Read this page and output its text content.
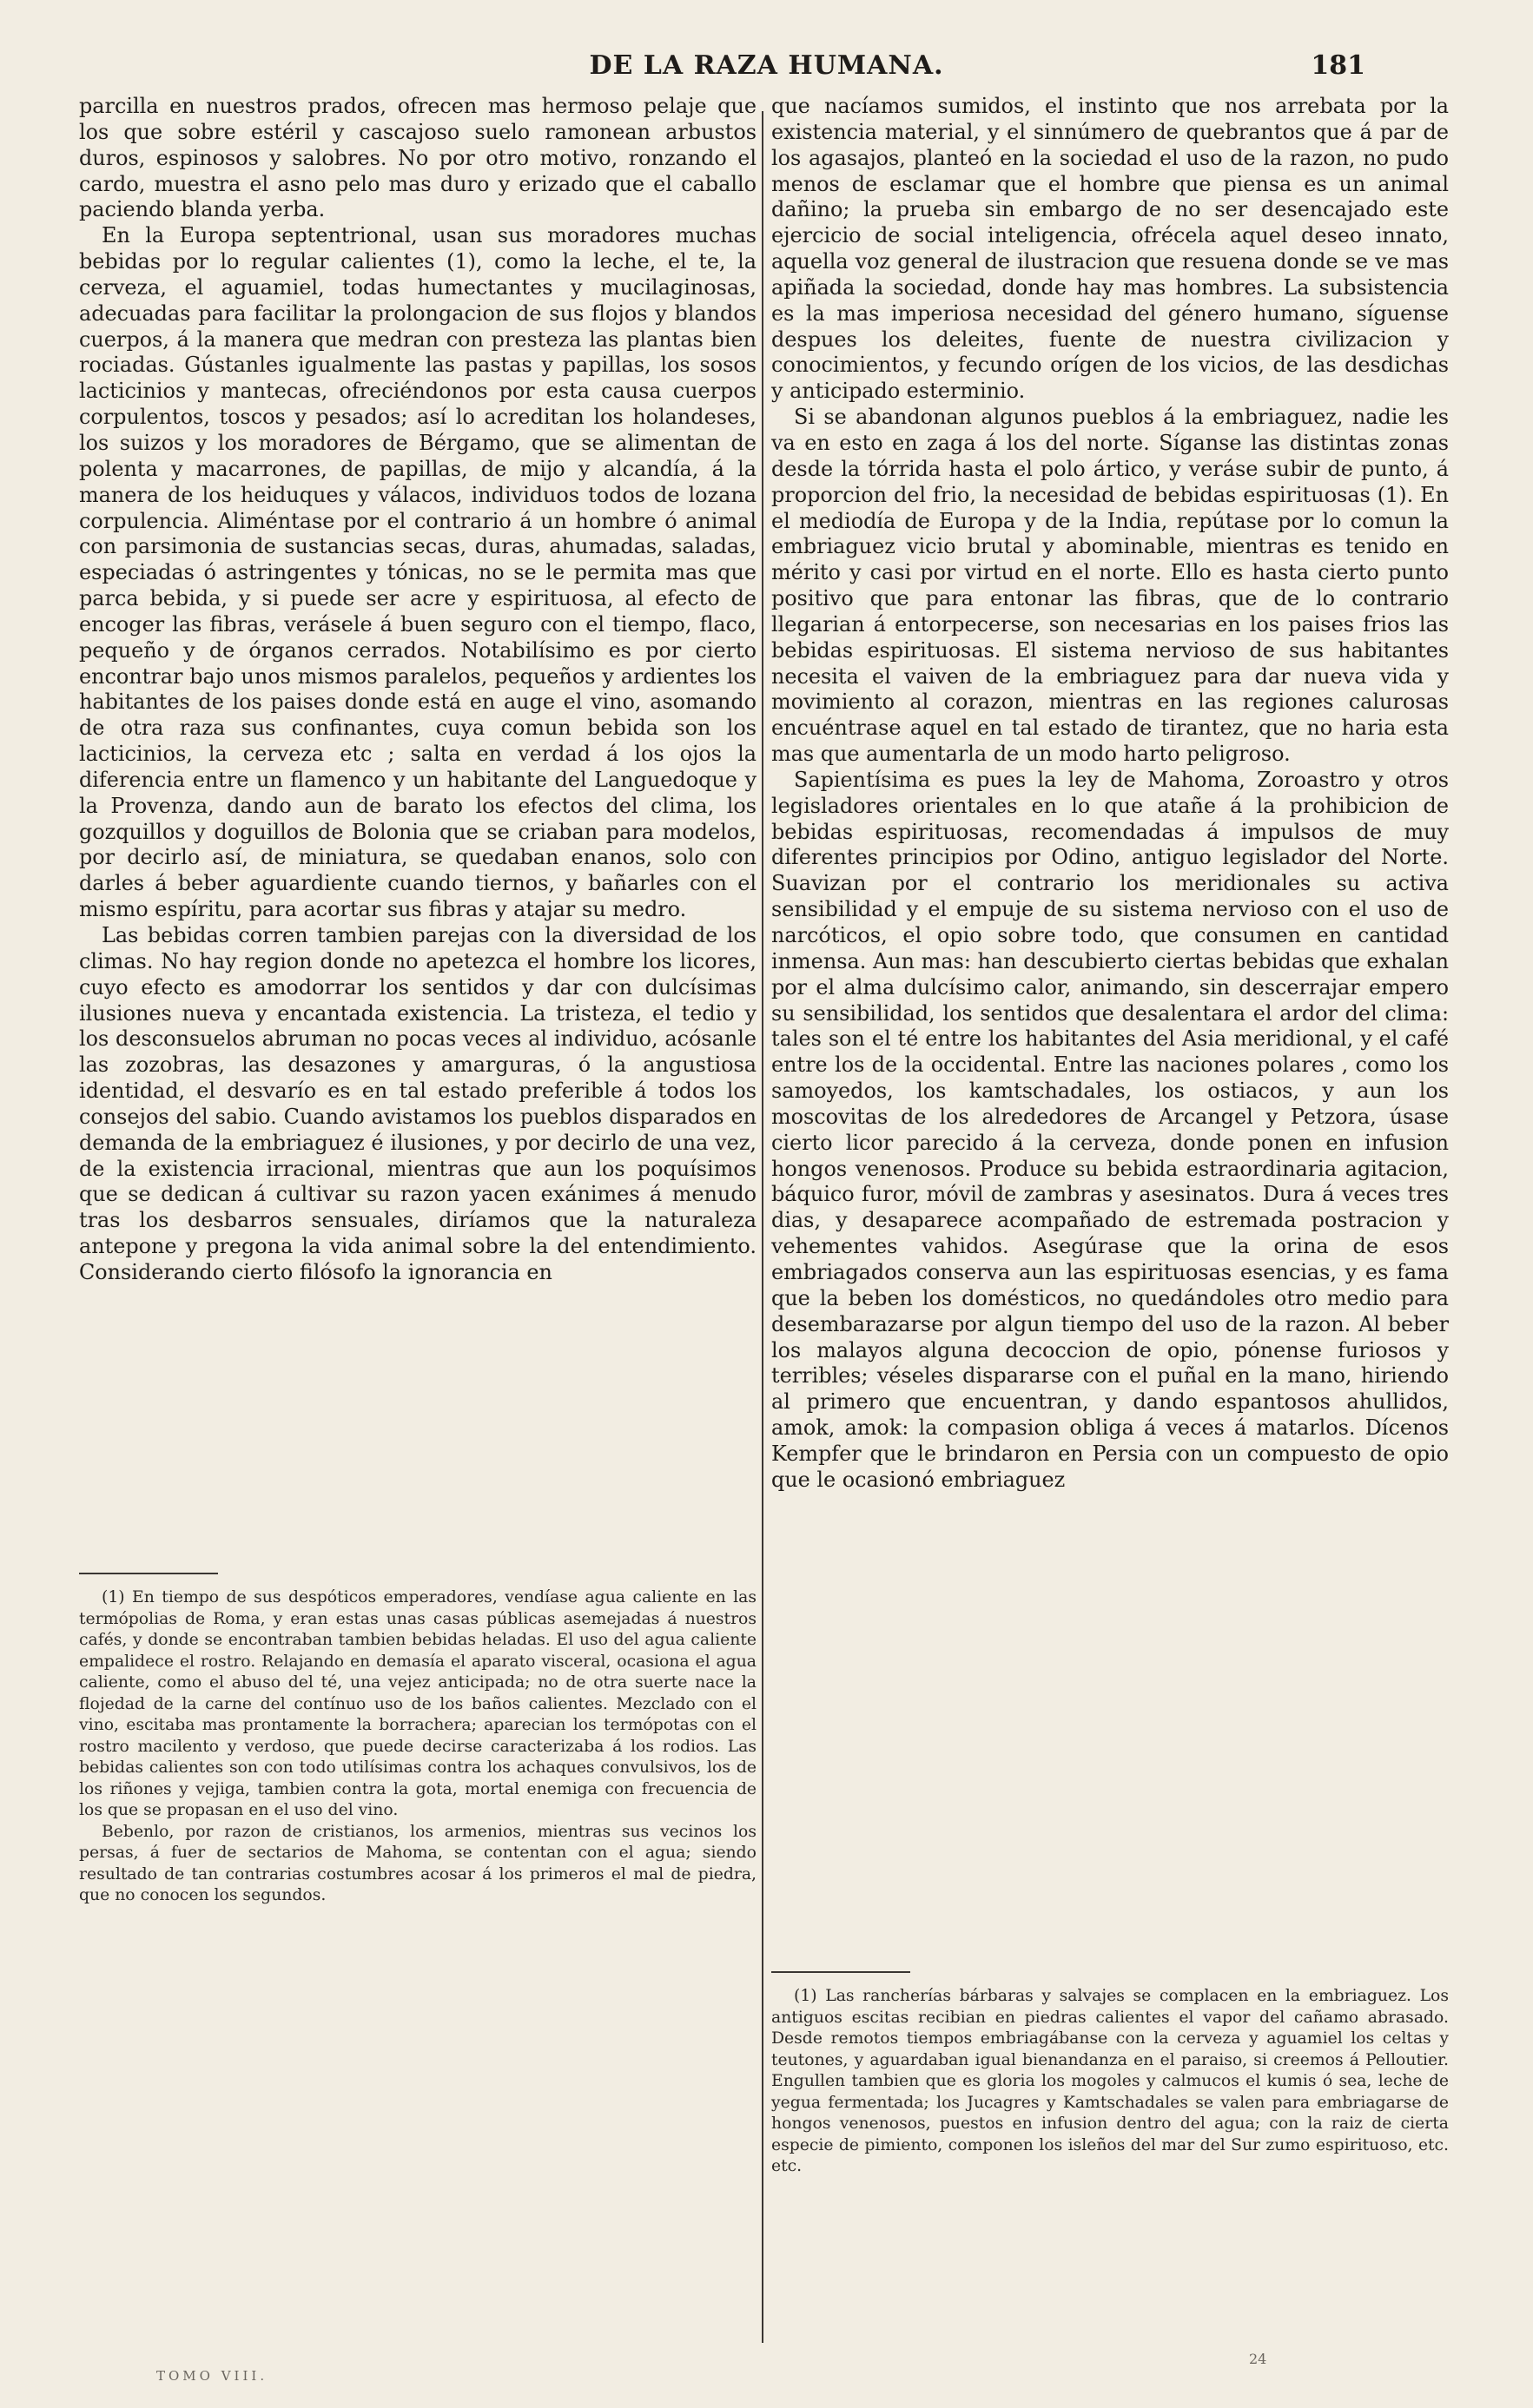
DE LA RAZA HUMANA.	181

parcilla en nuestros prados, ofrecen mas hermoso pelaje que los que sobre estéril y cascajoso suelo ramonean arbustos duros, espinosos y salobres. No por otro motivo, ronzando el cardo, muestra el asno pelo mas duro y erizado que el caballo paciendo blanda yerba.

En la Europa septentrional, usan sus moradores muchas bebidas por lo regular calientes (1), como la leche, el te, la cerveza, el aguamiel, todas humectantes y mucilaginosas, adecuadas para facilitar la prolongacion de sus flojos y blandos cuerpos, á la manera que medran con presteza las plantas bien rociadas. Gústanles igualmente las pastas y papillas, los sosos lacticinios y mantecas, ofreciéndonos por esta causa cuerpos corpulentos, toscos y pesados; así lo acreditan los holandeses, los suizos y los moradores de Bérgamo, que se alimentan de polenta y macarrones, de papillas, de mijo y alcandía, á la manera de los heiduques y válacos, individuos todos de lozana corpulencia. Aliméntase por el contrario á un hombre ó animal con parsimonia de sustancias secas, duras, ahumadas, saladas, especiadas ó astringentes y tónicas, no se le permita mas que parca bebida, y si puede ser acre y espirituosa, al efecto de encoger las fibras, verásele á buen seguro con el tiempo, flaco, pequeño y de órganos cerrados. Notabilísimo es por cierto encontrar bajo unos mismos paralelos, pequeños y ardientes los habitantes de los paises donde está en auge el vino, asomando de otra raza sus confinantes, cuya comun bebida son los lacticinios, la cerveza etc ; salta en verdad á los ojos la diferencia entre un flamenco y un habitante del Languedoque y la Provenza, dando aun de barato los efectos del clima, los gozquillos y doguillos de Bolonia que se criaban para modelos, por decirlo así, de miniatura, se quedaban enanos, solo con darles á beber aguardiente cuando tiernos, y bañarles con el mismo espíritu, para acortar sus fibras y atajar su medro.

Las bebidas corren tambien parejas con la diversidad de los climas. No hay region donde no apetezca el hombre los licores, cuyo efecto es amodorrar los sentidos y dar con dulcísimas ilusiones nueva y encantada existencia. La tristeza, el tedio y los desconsuelos abruman no pocas veces al individuo, acósanle las zozobras, las desazones y amarguras, ó la angustiosa identidad, el desvarío es en tal estado preferible á todos los consejos del sabio. Cuando avistamos los pueblos disparados en demanda de la embriaguez é ilusiones, y por decirlo de una vez, de la existencia irracional, mientras que aun los poquísimos que se dedican á cultivar su razon yacen exánimes á menudo tras los desbarros sensuales, diríamos que la naturaleza antepone y pregona la vida animal sobre la del entendimiento. Considerando cierto filósofo la ignorancia en

que nacíamos sumidos, el instinto que nos arrebata por la existencia material, y el sinnúmero de quebrantos que á par de los agasajos, planteó en la sociedad el uso de la razon, no pudo menos de esclamar que el hombre que piensa es un animal dañino; la prueba sin embargo de no ser desencajado este ejercicio de social inteligencia, ofrécela aquel deseo innato, aquella voz general de ilustracion que resuena donde se ve mas apiñada la sociedad, donde hay mas hombres. La subsistencia es la mas imperiosa necesidad del género humano, síguense despues los deleites, fuente de nuestra civilizacion y conocimientos, y fecundo orígen de los vicios, de las desdichas y anticipado esterminio.

Si se abandonan algunos pueblos á la embriaguez, nadie les va en esto en zaga á los del norte. Síganse las distintas zonas desde la tórrida hasta el polo ártico, y veráse subir de punto, á proporcion del frio, la necesidad de bebidas espirituosas (1). En el mediodía de Europa y de la India, repútase por lo comun la embriaguez vicio brutal y abominable, mientras es tenido en mérito y casi por virtud en el norte. Ello es hasta cierto punto positivo que para entonar las fibras, que de lo contrario llegarian á entorpecerse, son necesarias en los paises frios las bebidas espirituosas. El sistema nervioso de sus habitantes necesita el vaiven de la embriaguez para dar nueva vida y movimiento al corazon, mientras en las regiones calurosas encuéntrase aquel en tal estado de tirantez, que no haria esta mas que aumentarla de un modo harto peligroso.

Sapientísima es pues la ley de Mahoma, Zoroastro y otros legisladores orientales en lo que atañe á la prohibicion de bebidas espirituosas, recomendadas á impulsos de muy diferentes principios por Odino, antiguo legislador del Norte. Suavizan por el contrario los meridionales su activa sensibilidad y el empuje de su sistema nervioso con el uso de narcóticos, el opio sobre todo, que consumen en cantidad inmensa. Aun mas: han descubierto ciertas bebidas que exhalan por el alma dulcísimo calor, animando, sin descerrajar empero su sensibilidad, los sentidos que desalentara el ardor del clima: tales son el té entre los habitantes del Asia meridional, y el café entre los de la occidental. Entre las naciones polares , como los samoyedos, los kamtschadales, los ostiacos, y aun los moscovitas de los alrededores de Arcangel y Petzora, úsase cierto licor parecido á la cerveza, donde ponen en infusion hongos venenosos. Produce su bebida estraordinaria agitacion, báquico furor, móvil de zambras y asesinatos. Dura á veces tres dias, y desaparece acompañado de estremada postracion y vehementes vahidos. Asegúrase que la orina de esos embriagados conserva aun las espirituosas esencias, y es fama que la beben los domésticos, no quedándoles otro medio para desembarazarse por algun tiempo del uso de la razon. Al beber los malayos alguna decoccion de opio, pónense furiosos y terribles; véseles dispararse con el puñal en la mano, hiriendo al primero que encuentran, y dando espantosos ahullidos, amok, amok: la compasion obliga á veces á matarlos. Dícenos Kempfer que le brindaron en Persia con un compuesto de opio que le ocasionó embriaguez

(1) En tiempo de sus despóticos emperadores, vendíase agua caliente en las termópolias de Roma, y eran estas unas casas públicas asemejadas á nuestros cafés, y donde se encontraban tambien bebidas heladas. El uso del agua caliente empalidece el rostro. Relajando en demasía el aparato visceral, ocasiona el agua caliente, como el abuso del té, una vejez anticipada; no de otra suerte nace la flojedad de la carne del contínuo uso de los baños calientes. Mezclado con el vino, escitaba mas prontamente la borrachera; aparecian los termópotas con el rostro macilento y verdoso, que puede decirse caracterizaba á los rodios. Las bebidas calientes son con todo utilísimas contra los achaques convulsivos, los de los riñones y vejiga, tambien contra la gota, mortal enemiga con frecuencia de los que se propasan en el uso del vino.

Bebenlo, por razon de cristianos, los armenios, mientras sus vecinos los persas, á fuer de sectarios de Mahoma, se contentan con el agua; siendo resultado de tan contrarias costumbres acosar á los primeros el mal de piedra, que no conocen los segundos.

(1) Las rancherías bárbaras y salvajes se complacen en la embriaguez. Los antiguos escitas recibian en piedras calientes el vapor del cañamo abrasado. Desde remotos tiempos embriagábanse con la cerveza y aguamiel los celtas y teutones, y aguardaban igual bienandanza en el paraiso, si creemos á Pelloutier. Engullen tambien que es gloria los mogoles y calmucos el kumis ó sea, leche de yegua fermentada; los Jucagres y Kamtschadales se valen para embriagarse de hongos venenosos, puestos en infusion dentro del agua; con la raiz de cierta especie de pimiento, componen los isleños del mar del Sur zumo espirituoso, etc. etc.

TOMO VIII.
24
